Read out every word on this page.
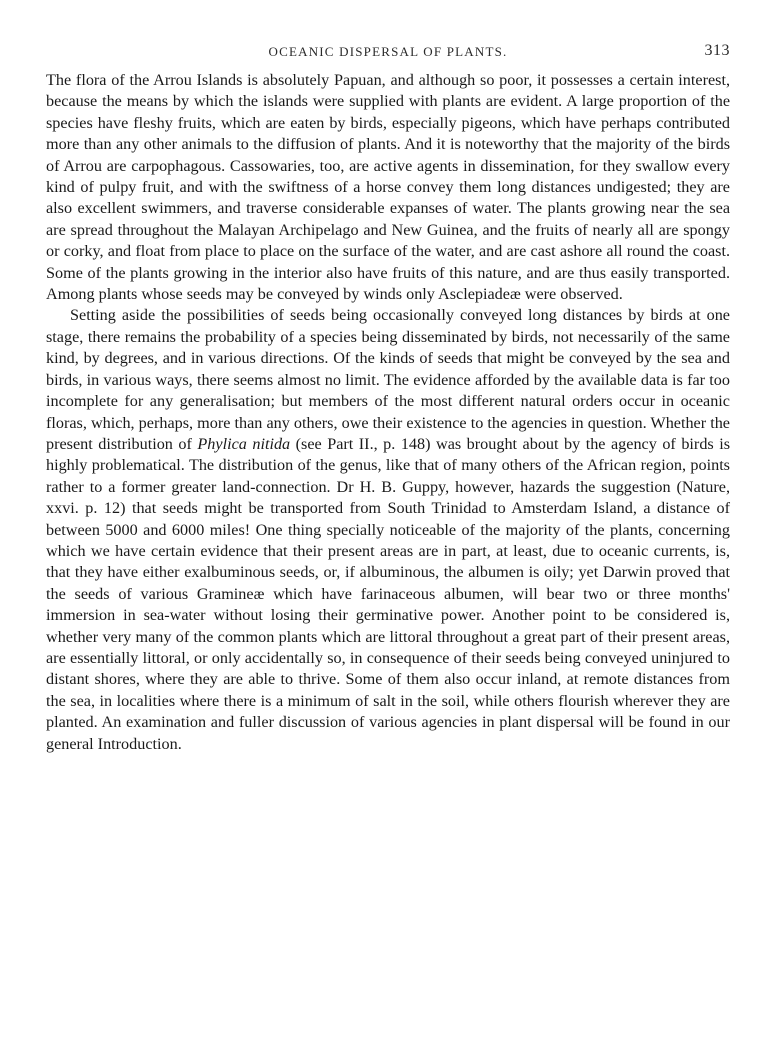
OCEANIC DISPERSAL OF PLANTS.	313

The flora of the Arrou Islands is absolutely Papuan, and although so poor, it possesses a certain interest, because the means by which the islands were supplied with plants are evident. A large proportion of the species have fleshy fruits, which are eaten by birds, especially pigeons, which have perhaps contributed more than any other animals to the diffusion of plants. And it is noteworthy that the majority of the birds of Arrou are carpophagous. Cassowaries, too, are active agents in dissemination, for they swallow every kind of pulpy fruit, and with the swiftness of a horse convey them long distances undigested; they are also excellent swimmers, and traverse considerable expanses of water. The plants growing near the sea are spread throughout the Malayan Archipelago and New Guinea, and the fruits of nearly all are spongy or corky, and float from place to place on the surface of the water, and are cast ashore all round the coast. Some of the plants growing in the interior also have fruits of this nature, and are thus easily transported. Among plants whose seeds may be conveyed by winds only Asclepiadeæ were observed.

Setting aside the possibilities of seeds being occasionally conveyed long distances by birds at one stage, there remains the probability of a species being disseminated by birds, not necessarily of the same kind, by degrees, and in various directions. Of the kinds of seeds that might be conveyed by the sea and birds, in various ways, there seems almost no limit. The evidence afforded by the available data is far too incomplete for any generalisation; but members of the most different natural orders occur in oceanic floras, which, perhaps, more than any others, owe their existence to the agencies in question. Whether the present distribution of Phylica nitida (see Part II., p. 148) was brought about by the agency of birds is highly problematical. The distribution of the genus, like that of many others of the African region, points rather to a former greater land-connection. Dr H. B. Guppy, however, hazards the suggestion (Nature, xxvi. p. 12) that seeds might be transported from South Trinidad to Amsterdam Island, a distance of between 5000 and 6000 miles! One thing specially noticeable of the majority of the plants, concerning which we have certain evidence that their present areas are in part, at least, due to oceanic currents, is, that they have either exalbuminous seeds, or, if albuminous, the albumen is oily; yet Darwin proved that the seeds of various Gramineæ which have farinaceous albumen, will bear two or three months' immersion in sea-water without losing their germinative power. Another point to be considered is, whether very many of the common plants which are littoral throughout a great part of their present areas, are essentially littoral, or only accidentally so, in consequence of their seeds being conveyed uninjured to distant shores, where they are able to thrive. Some of them also occur inland, at remote distances from the sea, in localities where there is a minimum of salt in the soil, while others flourish wherever they are planted. An examination and fuller discussion of various agencies in plant dispersal will be found in our general Introduction.
